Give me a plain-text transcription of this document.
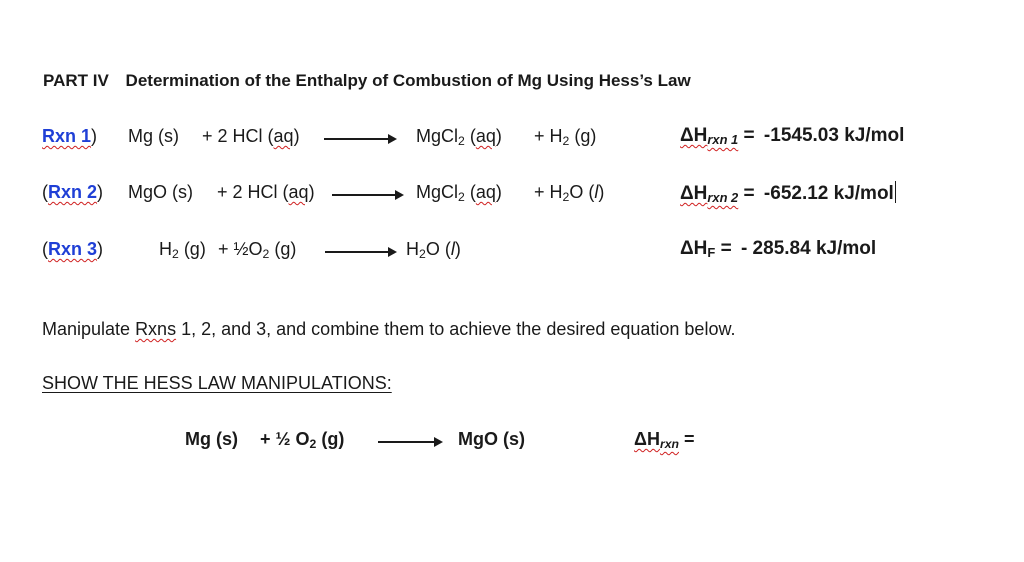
PART IV Determination of the Enthalpy of Combustion of Mg Using Hess’s Law
Rxn 1) Mg (s) + 2 HCl (aq)	MgCl$_2$ $(aq) + H_2$ (g)	$\Delta H_{rxn 1} = -1545.03$ kJ/mol
(Rxn 2) MgO (s) + 2 HCl (aq)	MgCl$_2$ $(aq) + H_2O$ (l)	$\Delta H_{rxn 2} = -652.12$ kJ/mol
(Rxn 3)	$H_2$ $(g) + \frac{1}{2}O_2$ (g)	$H_2O$ (l)	$\Delta H_F$ = - 285.84 kJ/mol
Manipulate Rxns 1, 2, and 3, and combine them to achieve the desired equation below.
SHOW THE HESS LAW MANIPULATIONS:
Mg (s) + ½ $O_2$ (g)	MgO (s)	$\Delta H_{rxn}$ =
